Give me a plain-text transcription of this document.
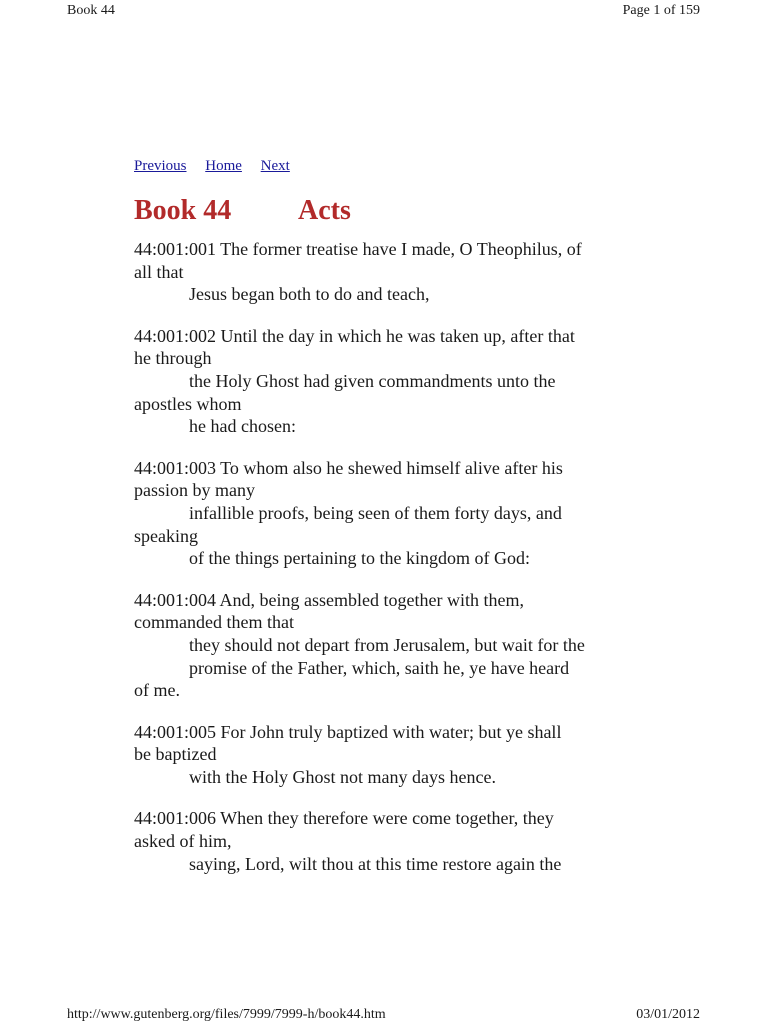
Book 44	Page 1 of 159
Previous Home Next
Book 44 Acts

44:001:001 The former treatise have I made, O Theophilus, of
all that
Jesus began both to do and teach,

44:001:002 Until the day in which he was taken up, after that
he through
the Holy Ghost had given commandments unto the
apostles whom
he had chosen:

44:001:003 To whom also he shewed himself alive after his
passion by many
infallible proofs, being seen of them forty days, and
speaking
of the things pertaining to the kingdom of God:

44:001:004 And, being assembled together with them,
commanded them that
they should not depart from Jerusalem, but wait for the
promise of the Father, which, saith he, ye have heard
of me.

44:001:005 For John truly baptized with water; but ye shall
be baptized
with the Holy Ghost not many days hence.

44:001:006 When they therefore were come together, they
asked of him,
saying, Lord, wilt thou at this time restore again the

http://www.gutenberg.org/files/7999/7999-h/book44.htm	03/01/2012
